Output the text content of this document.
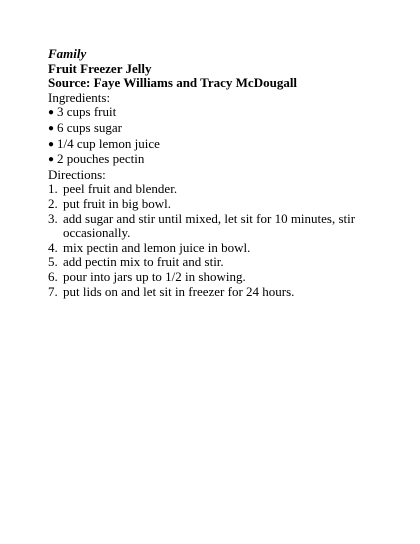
Family

Fruit Freezer Jelly

Source: Faye Williams and Tracy McDougall

Ingredients:

● 3 cups fruit
● 6 cups sugar
● 1/4 cup lemon juice
● 2 pouches pectin

Directions:

1. peel fruit and blender.
2. put fruit in big bowl.
3. add sugar and stir until mixed, let sit for 10 minutes, stir occasionally.
4. mix pectin and lemon juice in bowl.
5. add pectin mix to fruit and stir.
6. pour into jars up to 1/2 in showing.
7. put lids on and let sit in freezer for 24 hours.
